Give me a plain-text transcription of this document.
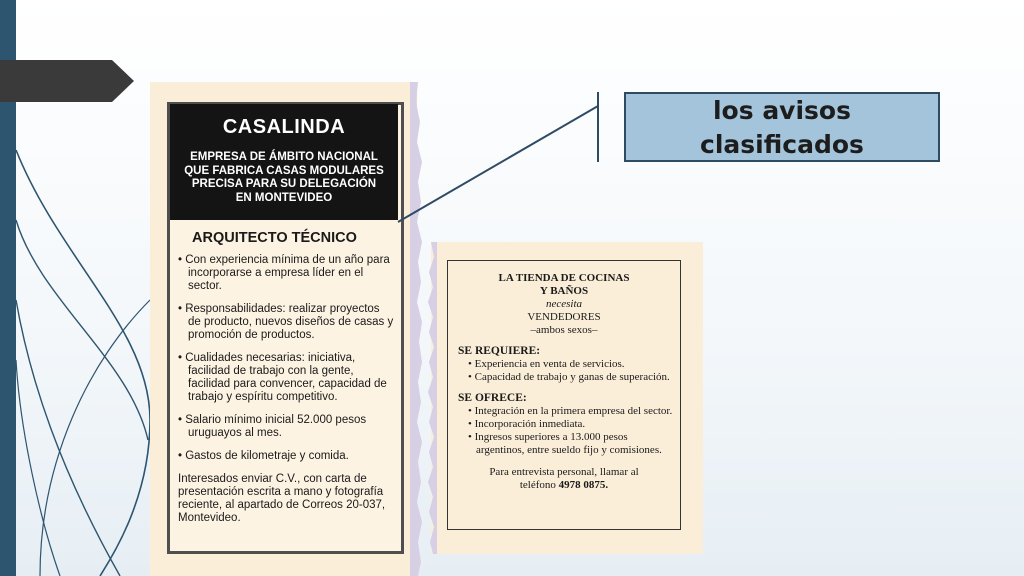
CASALINDA
EMPRESA DE ÁMBITO NACIONAL
QUE FABRICA CASAS MODULARES
PRECISA PARA SU DELEGACIÓN
EN MONTEVIDEO
ARQUITECTO TÉCNICO
• Con experiencia mínima de un año para incorporarse a empresa líder en el sector.
• Responsabilidades: realizar proyectos de producto, nuevos diseños de casas y promoción de productos.
• Cualidades necesarias: iniciativa, facilidad de trabajo con la gente, facilidad para convencer, capacidad de trabajo y espíritu competitivo.
• Salario mínimo inicial 52.000 pesos uruguayos al mes.
• Gastos de kilometraje y comida.
Interesados enviar C.V., con carta de presentación escrita a mano y fotografía reciente, al apartado de Correos 20-037, Montevideo.
LA TIENDA DE COCINAS
Y BAÑOS
necesita
VENDEDORES
–ambos sexos–
SE REQUIERE:
• Experiencia en venta de servicios.
• Capacidad de trabajo y ganas de superación.
SE OFRECE:
• Integración en la primera empresa del sector.
• Incorporación inmediata.
• Ingresos superiores a 13.000 pesos argentinos, entre sueldo fijo y comisiones.
Para entrevista personal, llamar al
teléfono 4978 0875.
los avisos
clasificados
